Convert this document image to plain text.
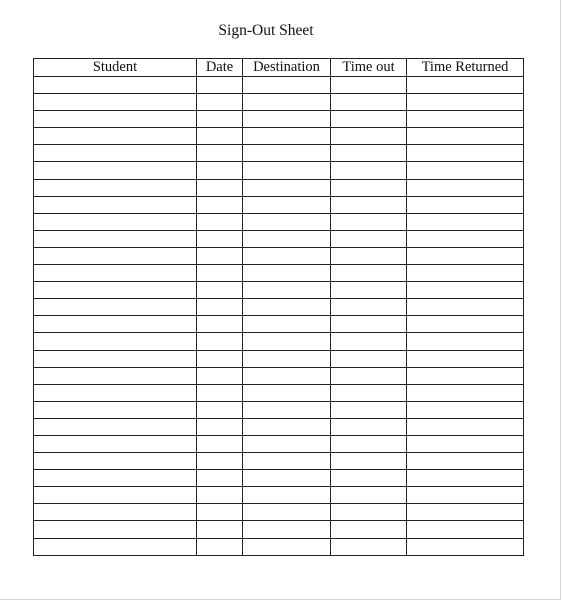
Sign-Out Sheet
Student	Date	Destination	Time out	Time Returned
